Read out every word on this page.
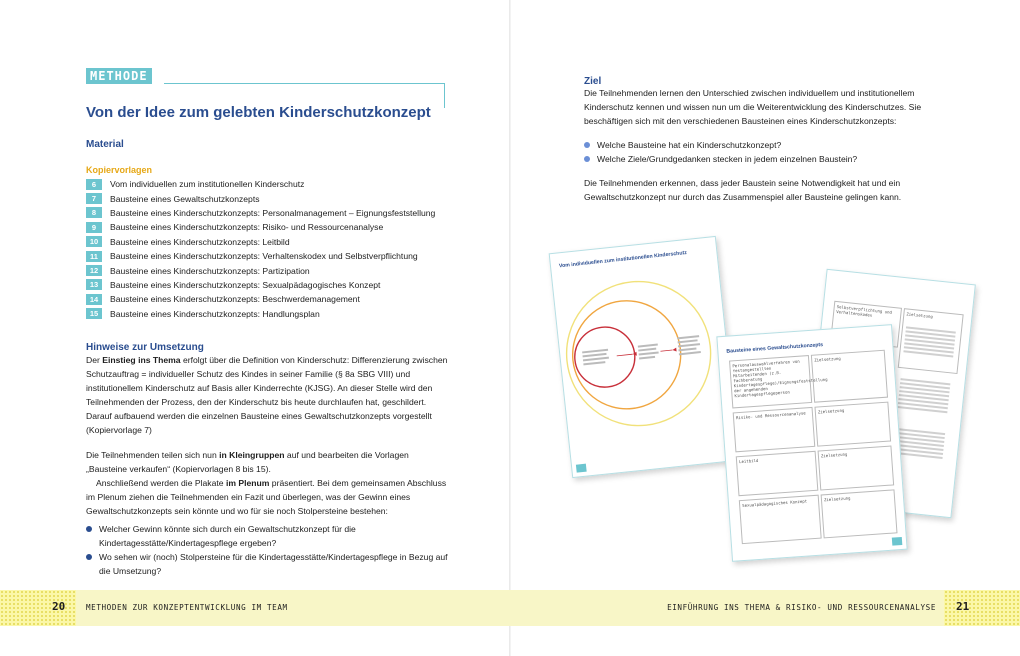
METHODE
Von der Idee zum gelebten Kinderschutzkonzept
Material
Kopiervorlagen
6	Vom individuellen zum institutionellen Kinderschutz
7	Bausteine eines Gewaltschutzkonzepts
8	Bausteine eines Kinderschutzkonzepts: Personalmanagement – Eignungsfeststellung
9	Bausteine eines Kinderschutzkonzepts: Risiko- und Ressourcenanalyse
10	Bausteine eines Kinderschutzkonzepts: Leitbild
11	Bausteine eines Kinderschutzkonzepts: Verhaltenskodex und Selbstverpflichtung
12	Bausteine eines Kinderschutzkonzepts: Partizipation
13	Bausteine eines Kinderschutzkonzepts: Sexualpädagogisches Konzept
14	Bausteine eines Kinderschutzkonzepts: Beschwerdemanagement
15	Bausteine eines Kinderschutzkonzepts: Handlungsplan
Hinweise zur Umsetzung
Der Einstieg ins Thema erfolgt über die Definition von Kinderschutz: Differenzierung zwischen Schutzauftrag = individueller Schutz des Kindes in seiner Familie (§ 8a SBG VIII) und institutionellem Kinderschutz auf Basis aller Kinderrechte (KJSG). An dieser Stelle wird den Teilnehmenden der Prozess, den der Kinderschutz bis heute durchlaufen hat, geschildert. Darauf aufbauend werden die einzelnen Bausteine eines Gewaltschutzkonzepts vorgestellt (Kopiervorlage 7)
Die Teilnehmenden teilen sich nun in Kleingruppen auf und bearbeiten die Vorlagen „Bausteine verkaufen“ (Kopiervorlagen 8 bis 15).
Anschließend werden die Plakate im Plenum präsentiert. Bei dem gemeinsamen Abschluss im Plenum ziehen die Teilnehmenden ein Fazit und überlegen, was der Gewinn eines Gewaltschutzkonzepts sein könnte und wo für sie noch Stolpersteine bestehen:
Welcher Gewinn könnte sich durch ein Gewaltschutzkonzept für die Kindertagesstätte/Kindertagespflege ergeben?
Wo sehen wir (noch) Stolpersteine für die Kindertagesstätte/Kindertagespflege in Bezug auf die Umsetzung?
Ziel
Die Teilnehmenden lernen den Unterschied zwischen individuellem und institutionellem Kinderschutz kennen und wissen nun um die Weiterentwicklung des Kinderschutzes. Sie beschäftigen sich mit den verschiedenen Bausteinen eines Kinderschutzkonzepts:
Welche Bausteine hat ein Kinderschutzkonzept?
Welche Ziele/Grundgedanken stecken in jedem einzelnen Baustein?
Die Teilnehmenden erkennen, dass jeder Baustein seine Notwendigkeit hat und ein Gewaltschutzkonzept nur durch das Zusammenspiel aller Bausteine gelingen kann.
Vom individuellen zum institutionellen Kinderschutz
Selbstverpflichtung und Verhaltenskodex	Zielsetzung
Bausteine eines Gewaltschutzkonzepts
Personalauswahlverfahren von festangestellten Mitarbeitenden (z.B. Fachberatung Kindertagespflege)/Eignungsfeststellung der angehenden Kindertagespflegeperson
Risiko- und Ressourcenanalyse
Leitbild
Sexualpädagogisches Konzept
Zielsetzung
Zielsetzung
Zielsetzung
Zielsetzung
20	METHODEN ZUR KONZEPTENTWICKLUNG IM TEAM	EINFÜHRUNG INS THEMA & RISIKO- UND RESSOURCENANALYSE 21
